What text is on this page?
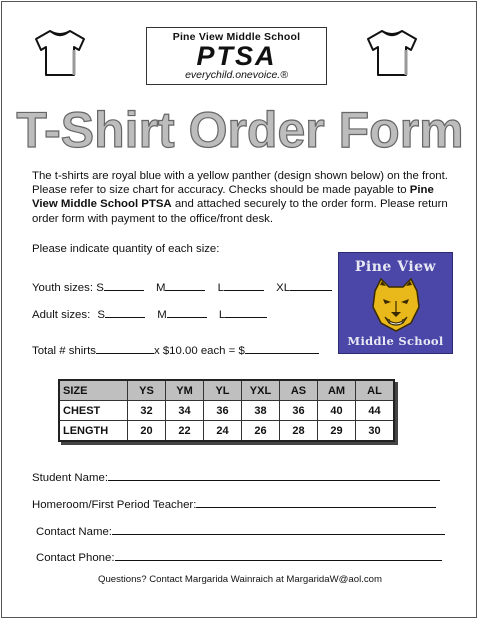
Pine View Middle School
PTSA
everychild.onevoice.®
T-Shirt Order Form
The t-shirts are royal blue with a yellow panther (design shown below) on the front. Please refer to size chart for accuracy. Checks should be made payable to Pine View Middle School PTSA and attached securely to the order form. Please return order form with payment to the office/front desk.
Please indicate quantity of each size:
Youth sizes: S	M	L	XL
Adult sizes: S	M	L
Total # shirts	x $10.00 each = $
Pine View
Middle School
SIZE	YS	YM	YL	YXL	AS	AM	AL
CHEST	32	34	36	38	36	40	44
LENGTH	20	22	24	26	28	29	30
Student Name:
Homeroom/First Period Teacher:
Contact Name:
Contact Phone:
Questions? Contact Margarida Wainraich at MargaridaW@aol.com
